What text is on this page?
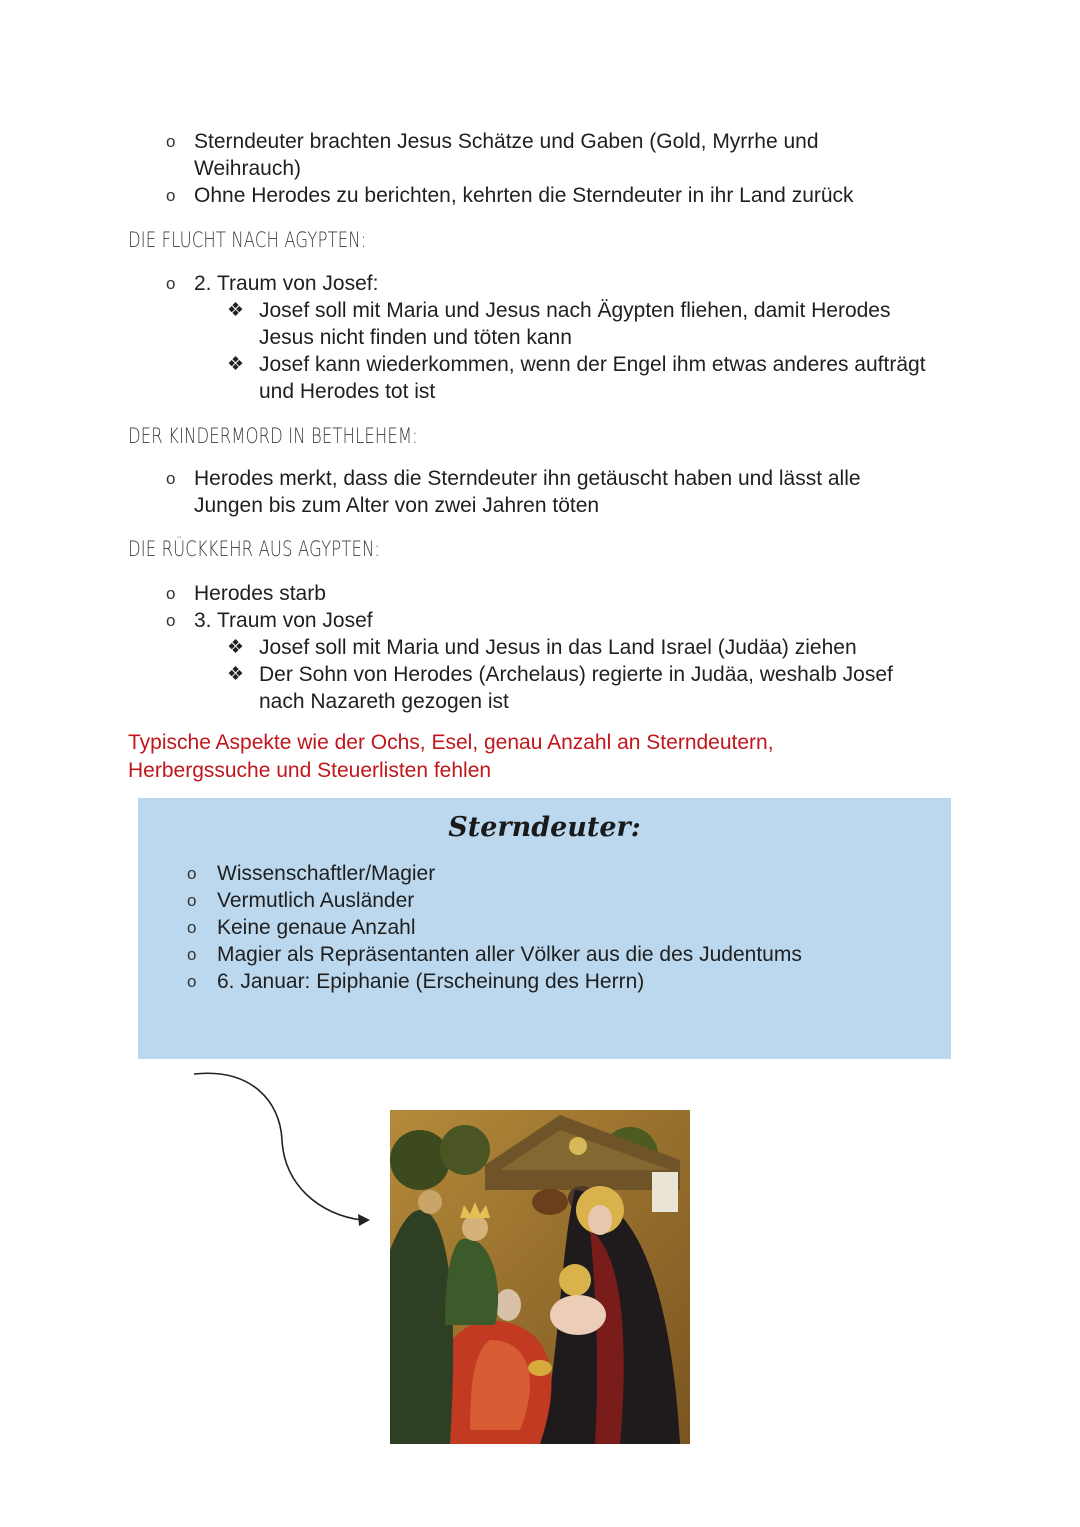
o Sterndeuter brachten Jesus Schätze und Gaben (Gold, Myrrhe und
Weihrauch)
o Ohne Herodes zu berichten, kehrten die Sterndeuter in ihr Land zurück
DIE FLUCHT NACH AGYPTEN:
o 2. Traum von Josef:
❖ Josef soll mit Maria und Jesus nach Ägypten fliehen, damit Herodes
Jesus nicht finden und töten kann
❖ Josef kann wiederkommen, wenn der Engel ihm etwas anderes aufträgt
und Herodes tot ist
DER KINDERMORD IN BETHLEHEM:
o Herodes merkt, dass die Sterndeuter ihn getäuscht haben und lässt alle
Jungen bis zum Alter von zwei Jahren töten
DIE RÜCKKEHR AUS AGYPTEN:
o Herodes starb
o 3. Traum von Josef
❖ Josef soll mit Maria und Jesus in das Land Israel (Judäa) ziehen
❖ Der Sohn von Herodes (Archelaus) regierte in Judäa, weshalb Josef
nach Nazareth gezogen ist
Typische Aspekte wie der Ochs, Esel, genau Anzahl an Sterndeutern,
Herbergssuche und Steuerlisten fehlen
Sterndeuter:
o Wissenschaftler/Magier
o Vermutlich Ausländer
o Keine genaue Anzahl
o Magier als Repräsentanten aller Völker aus die des Judentums
o 6. Januar: Epiphanie (Erscheinung des Herrn)
